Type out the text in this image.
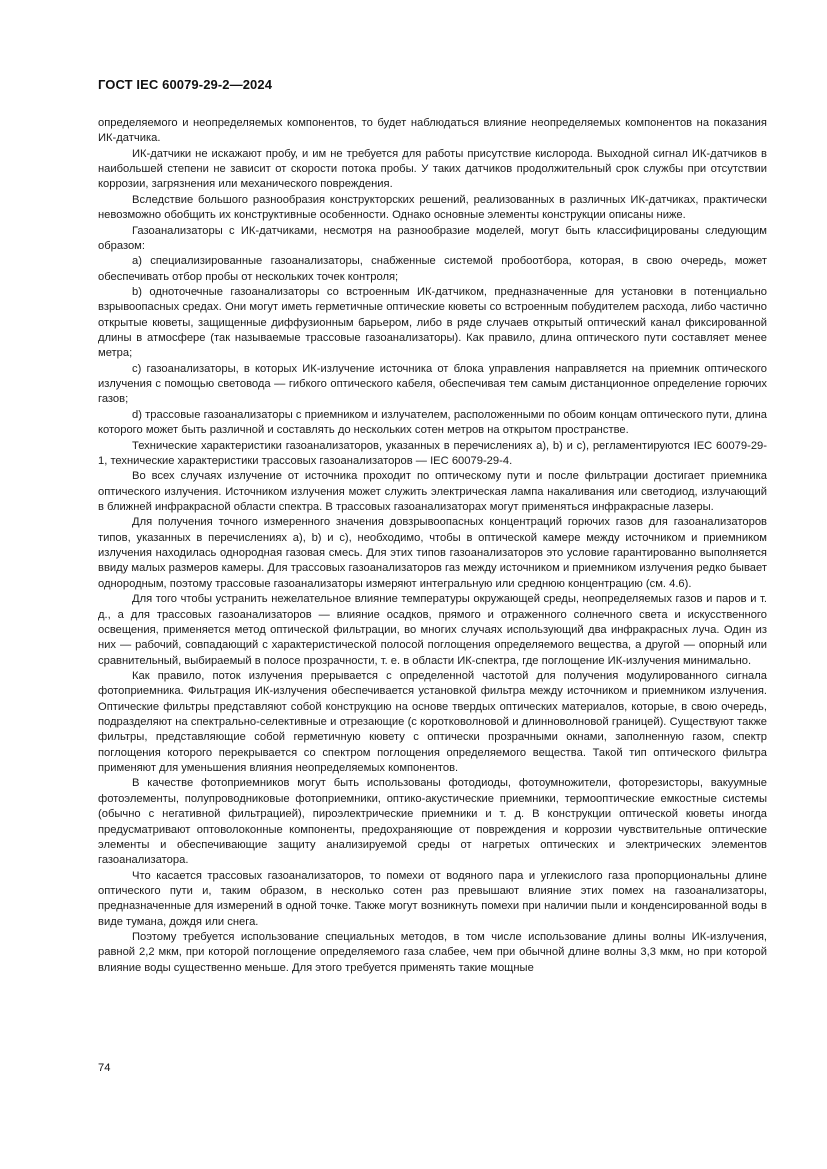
ГОСТ IEC 60079-29-2—2024

определяемого и неопределяемых компонентов, то будет наблюдаться влияние неопределяемых компонентов на показания ИК-датчика.

ИК-датчики не искажают пробу, и им не требуется для работы присутствие кислорода. Выходной сигнал ИК-датчиков в наибольшей степени не зависит от скорости потока пробы. У таких датчиков продолжительный срок службы при отсутствии коррозии, загрязнения или механического повреждения.

Вследствие большого разнообразия конструкторских решений, реализованных в различных ИК-датчиках, практически невозможно обобщить их конструктивные особенности. Однако основные элементы конструкции описаны ниже.

Газоанализаторы с ИК-датчиками, несмотря на разнообразие моделей, могут быть классифицированы следующим образом:

a) специализированные газоанализаторы, снабженные системой пробоотбора, которая, в свою очередь, может обеспечивать отбор пробы от нескольких точек контроля;

b) одноточечные газоанализаторы со встроенным ИК-датчиком, предназначенные для установки в потенциально взрывоопасных средах. Они могут иметь герметичные оптические кюветы со встроенным побудителем расхода, либо частично открытые кюветы, защищенные диффузионным барьером, либо в ряде случаев открытый оптический канал фиксированной длины в атмосфере (так называемые трассовые газоанализаторы). Как правило, длина оптического пути составляет менее метра;

c) газоанализаторы, в которых ИК-излучение источника от блока управления направляется на приемник оптического излучения с помощью световода — гибкого оптического кабеля, обеспечивая тем самым дистанционное определение горючих газов;

d) трассовые газоанализаторы с приемником и излучателем, расположенными по обоим концам оптического пути, длина которого может быть различной и составлять до нескольких сотен метров на открытом пространстве.

Технические характеристики газоанализаторов, указанных в перечислениях a), b) и c), регламентируются IEC 60079-29-1, технические характеристики трассовых газоанализаторов — IEC 60079-29-4.

Во всех случаях излучение от источника проходит по оптическому пути и после фильтрации достигает приемника оптического излучения. Источником излучения может служить электрическая лампа накаливания или светодиод, излучающий в ближней инфракрасной области спектра. В трассовых газоанализаторах могут применяться инфракрасные лазеры.

Для получения точного измеренного значения довзрывоопасных концентраций горючих газов для газоанализаторов типов, указанных в перечислениях a), b) и c), необходимо, чтобы в оптической камере между источником и приемником излучения находилась однородная газовая смесь. Для этих типов газоанализаторов это условие гарантированно выполняется ввиду малых размеров камеры. Для трассовых газоанализаторов газ между источником и приемником излучения редко бывает однородным, поэтому трассовые газоанализаторы измеряют интегральную или среднюю концентрацию (см. 4.6).

Для того чтобы устранить нежелательное влияние температуры окружающей среды, неопределяемых газов и паров и т. д., а для трассовых газоанализаторов — влияние осадков, прямого и отраженного солнечного света и искусственного освещения, применяется метод оптической фильтрации, во многих случаях использующий два инфракрасных луча. Один из них — рабочий, совпадающий с характеристической полосой поглощения определяемого вещества, а другой — опорный или сравнительный, выбираемый в полосе прозрачности, т. е. в области ИК-спектра, где поглощение ИК-излучения минимально.

Как правило, поток излучения прерывается с определенной частотой для получения модулированного сигнала фотоприемника. Фильтрация ИК-излучения обеспечивается установкой фильтра между источником и приемником излучения. Оптические фильтры представляют собой конструкцию на основе твердых оптических материалов, которые, в свою очередь, подразделяют на спектрально-селективные и отрезающие (с коротковолновой и длинноволновой границей). Существуют также фильтры, представляющие собой герметичную кювету с оптически прозрачными окнами, заполненную газом, спектр поглощения которого перекрывается со спектром поглощения определяемого вещества. Такой тип оптического фильтра применяют для уменьшения влияния неопределяемых компонентов.

В качестве фотоприемников могут быть использованы фотодиоды, фотоумножители, фоторезисторы, вакуумные фотоэлементы, полупроводниковые фотоприемники, оптико-акустические приемники, термооптические емкостные системы (обычно с негативной фильтрацией), пироэлектрические приемники и т. д. В конструкции оптической кюветы иногда предусматривают оптоволоконные компоненты, предохраняющие от повреждения и коррозии чувствительные оптические элементы и обеспечивающие защиту анализируемой среды от нагретых оптических и электрических элементов газоанализатора.

Что касается трассовых газоанализаторов, то помехи от водяного пара и углекислого газа пропорциональны длине оптического пути и, таким образом, в несколько сотен раз превышают влияние этих помех на газоанализаторы, предназначенные для измерений в одной точке. Также могут возникнуть помехи при наличии пыли и конденсированной воды в виде тумана, дождя или снега.

Поэтому требуется использование специальных методов, в том числе использование длины волны ИК-излучения, равной 2,2 мкм, при которой поглощение определяемого газа слабее, чем при обычной длине волны 3,3 мкм, но при которой влияние воды существенно меньше. Для этого требуется применять такие мощные

74
